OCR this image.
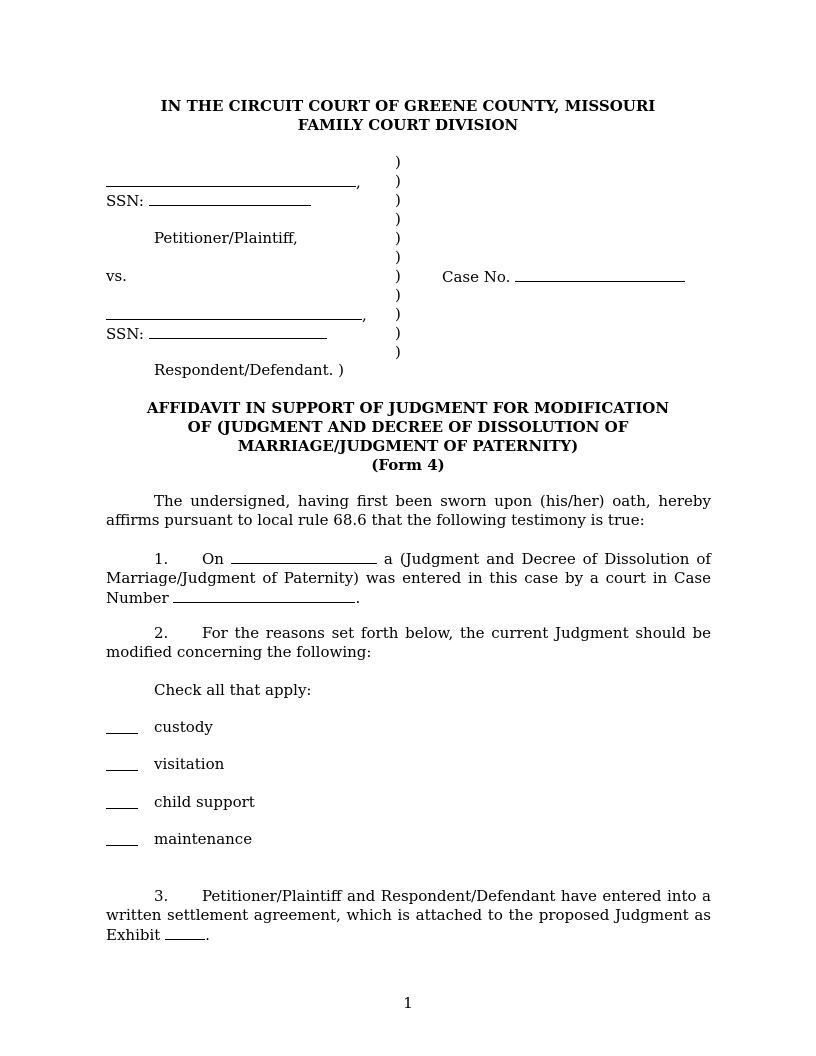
IN THE CIRCUIT COURT OF GREENE COUNTY, MISSOURI
FAMILY COURT DIVISION
)
)
)
)
)
)
)
)
)
)
)
,
SSN:
Petitioner/Plaintiff,
vs.	Case No.
,
SSN:
Respondent/Defendant. )
AFFIDAVIT IN SUPPORT OF JUDGMENT FOR MODIFICATION
OF (JUDGMENT AND DECREE OF DISSOLUTION OF
MARRIAGE/JUDGMENT OF PATERNITY)
(Form 4)
The undersigned, having first been sworn upon (his/her) oath, hereby affirms pursuant to local rule 68.6 that the following testimony is true:
1. On	a (Judgment and Decree of Dissolution of Marriage/Judgment of Paternity) was entered in this case by a court in Case Number	.
2. For the reasons set forth below, the current Judgment should be modified concerning the following:
Check all that apply:
custody
visitation
child support
maintenance
3. Petitioner/Plaintiff and Respondent/Defendant have entered into a written settlement agreement, which is attached to the proposed Judgment as Exhibit	.
1
